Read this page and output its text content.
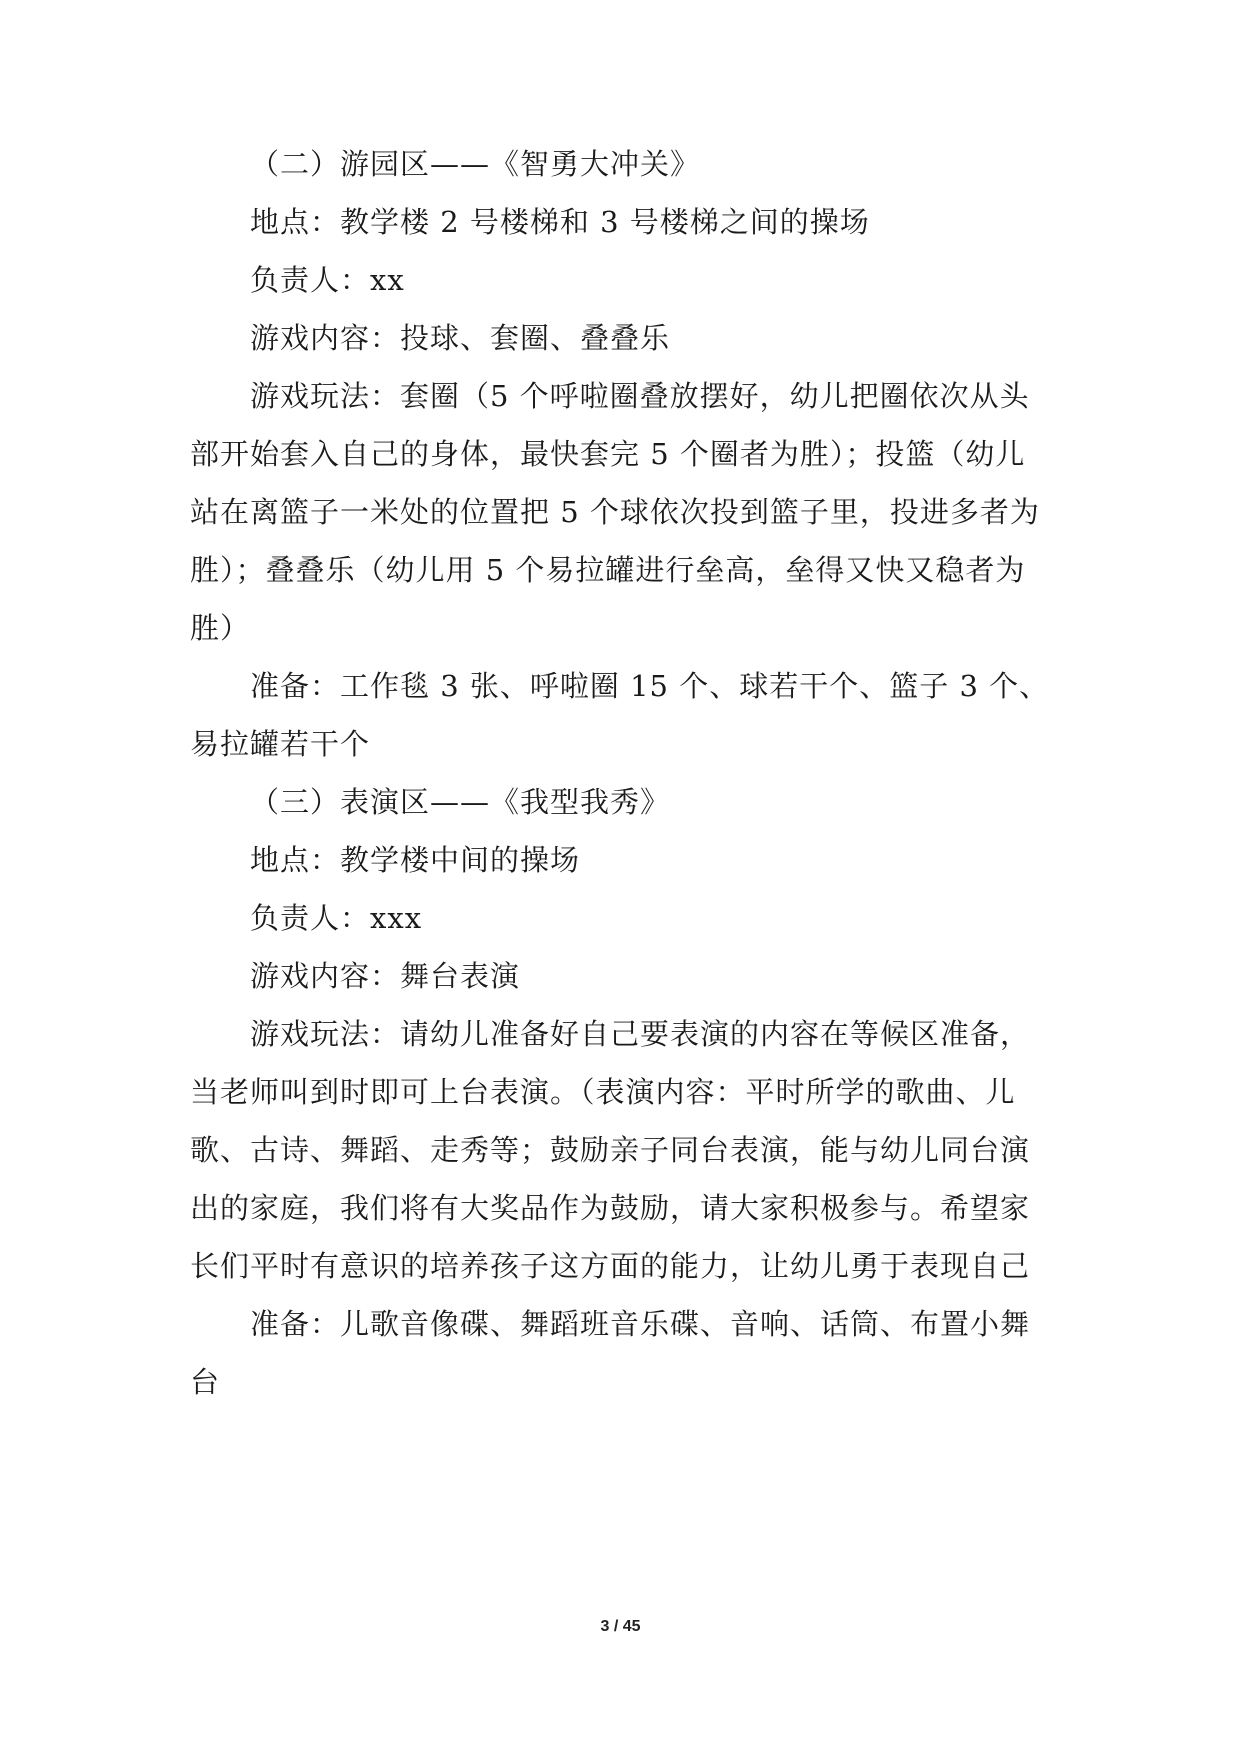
（二）游园区——《智勇大冲关》
地点：教学楼 2 号楼梯和 3 号楼梯之间的操场
负责人：xx
游戏内容：投球、套圈、叠叠乐
游戏玩法：套圈（5 个呼啦圈叠放摆好，幼儿把圈依次从头
部开始套入自己的身体，最快套完 5 个圈者为胜）；投篮（幼儿
站在离篮子一米处的位置把 5 个球依次投到篮子里，投进多者为
胜）；叠叠乐（幼儿用 5 个易拉罐进行垒高，垒得又快又稳者为
胜）
准备：工作毯 3 张、呼啦圈 15 个、球若干个、篮子 3 个、
易拉罐若干个
（三）表演区——《我型我秀》
地点：教学楼中间的操场
负责人：xxx
游戏内容：舞台表演
游戏玩法：请幼儿准备好自己要表演的内容在等候区准备，
当老师叫到时即可上台表演。（表演内容：平时所学的歌曲、儿
歌、古诗、舞蹈、走秀等；鼓励亲子同台表演，能与幼儿同台演
出的家庭，我们将有大奖品作为鼓励，请大家积极参与。希望家
长们平时有意识的培养孩子这方面的能力，让幼儿勇于表现自己
准备：儿歌音像碟、舞蹈班音乐碟、音响、话筒、布置小舞
台
3 / 45
